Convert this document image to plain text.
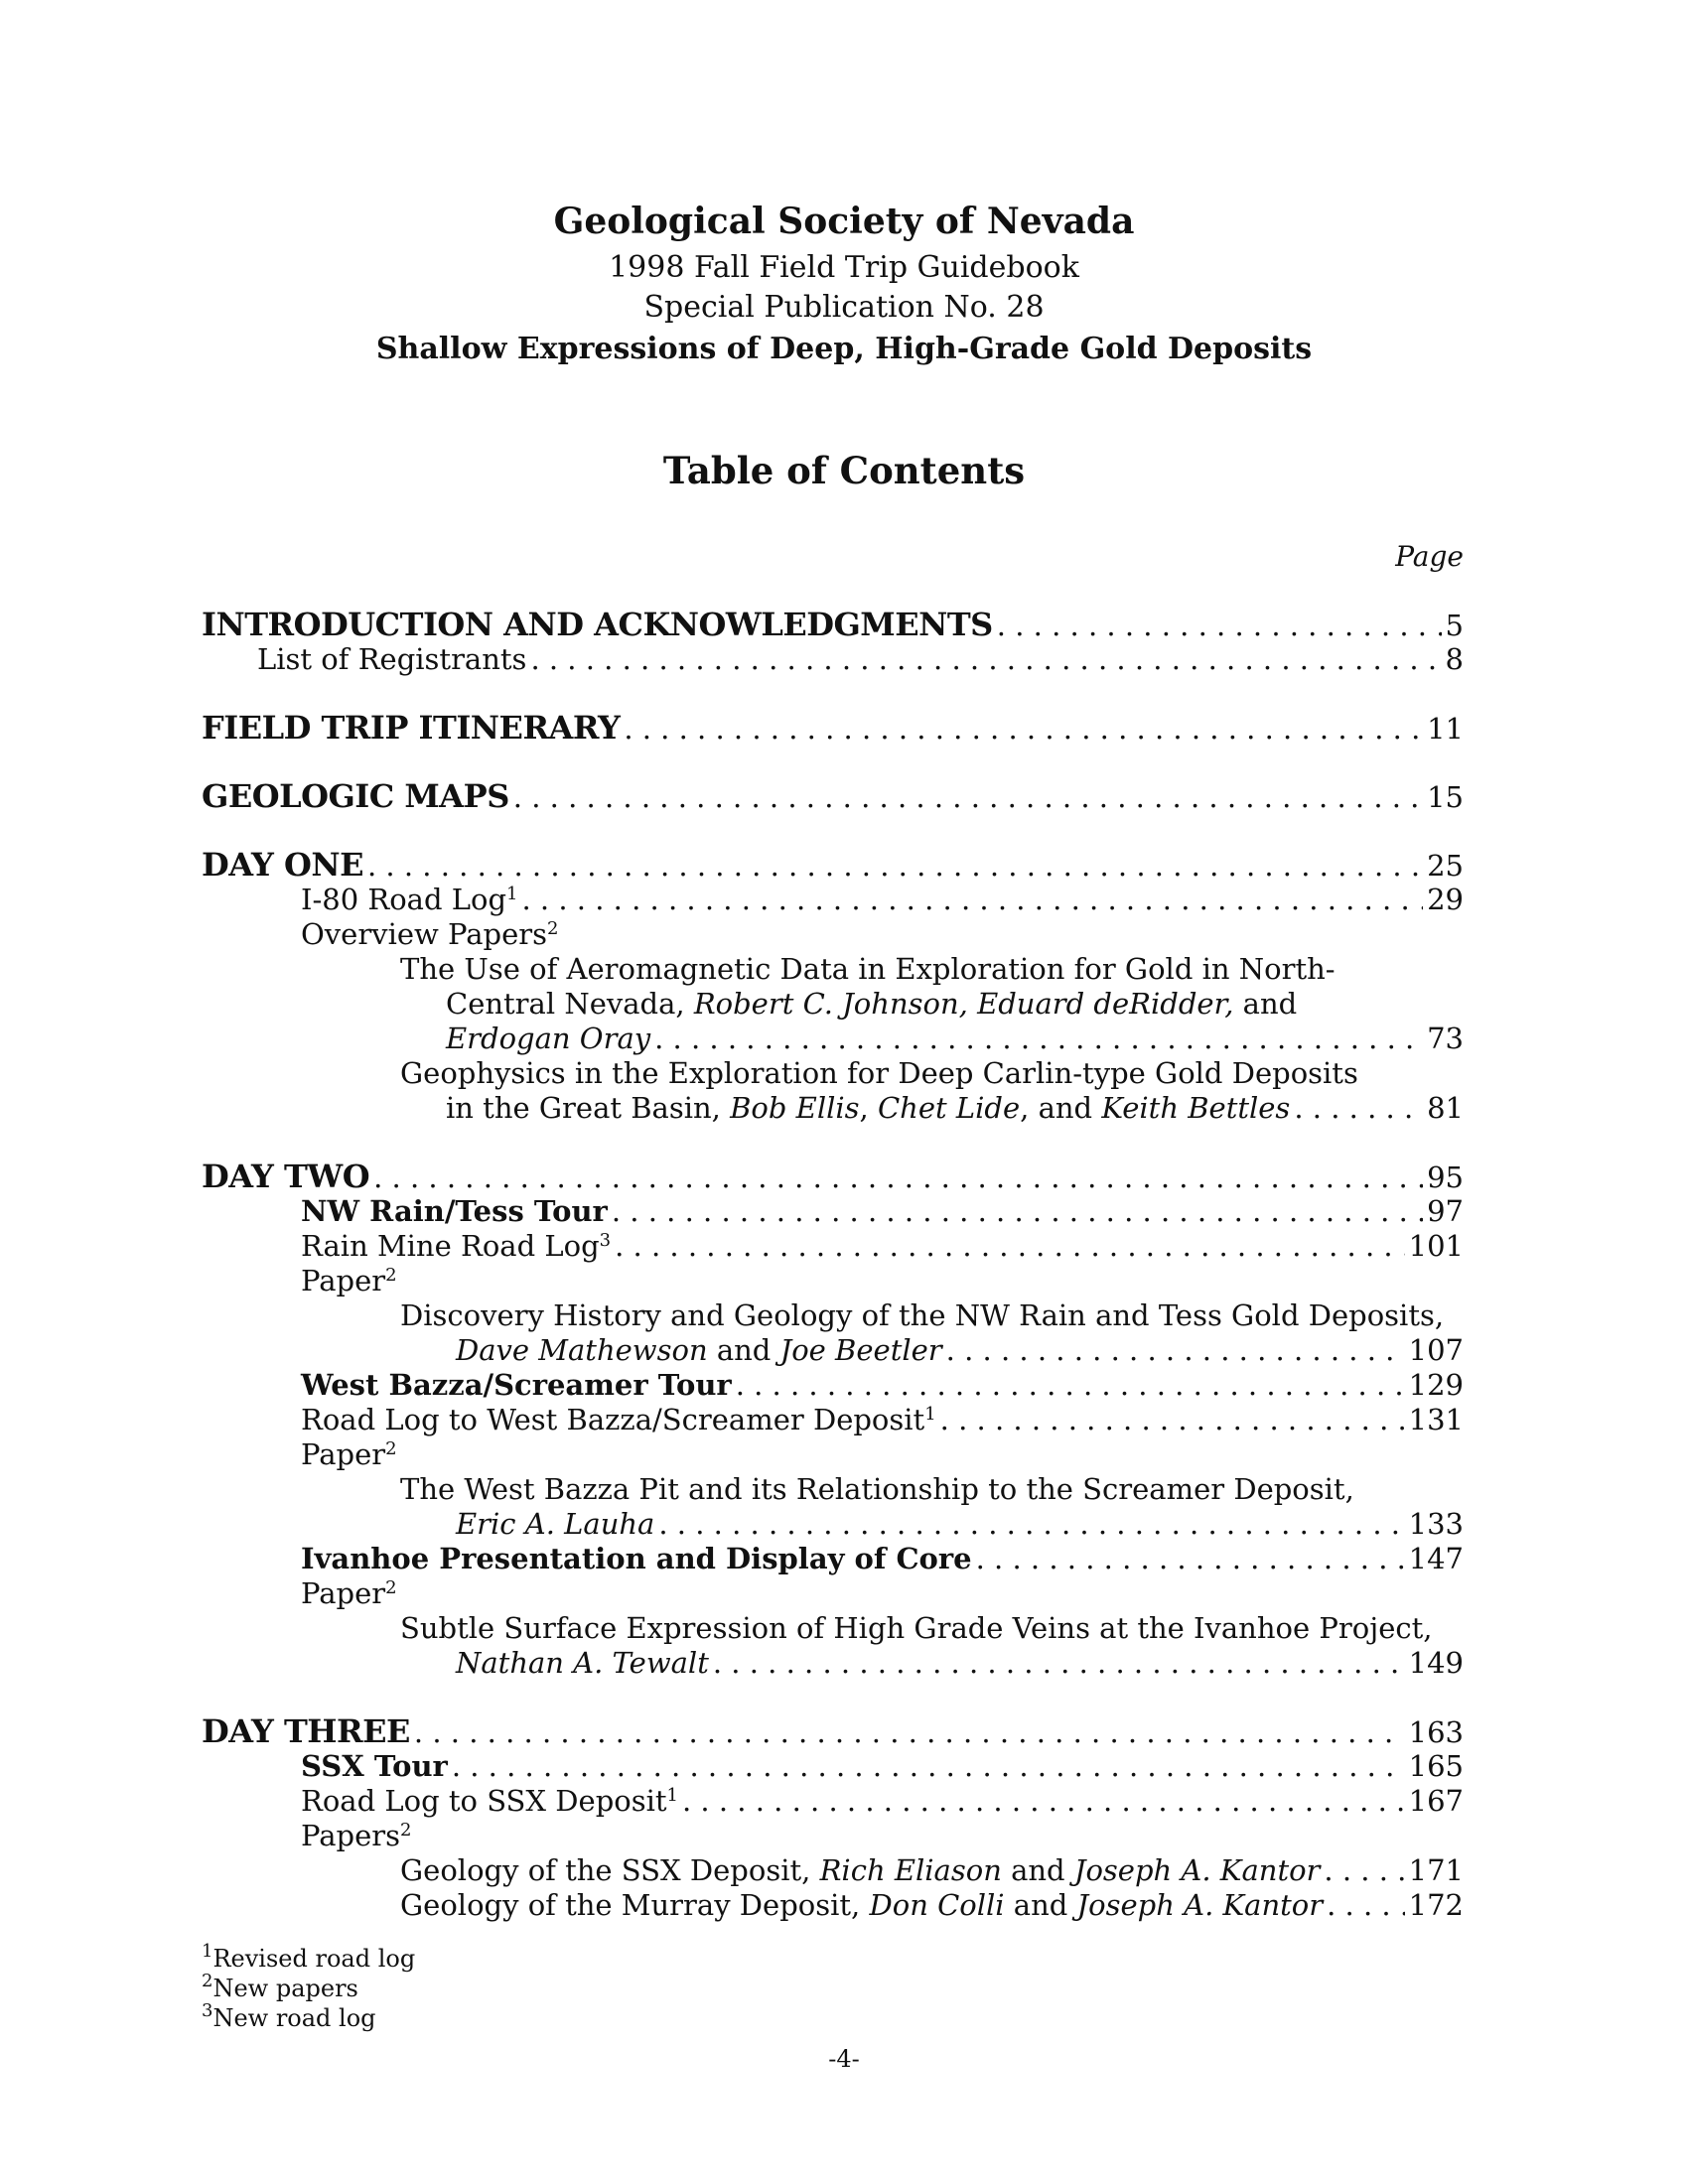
Geological Society of Nevada
1998 Fall Field Trip Guidebook
Special Publication No. 28
Shallow Expressions of Deep, High-Grade Gold Deposits
Table of Contents
Page
INTRODUCTION AND ACKNOWLEDGMENTS . . .	5
List of Registrants . . .	8
FIELD TRIP ITINERARY . . .	11
GEOLOGIC MAPS . . .	15
DAY ONE . . .	25
I-80 Road Log$^1$ . . .	29
Overview Papers$^2$
The Use of Aeromagnetic Data in Exploration for Gold in North-
Central Nevada, Robert C. Johnson, Eduard deRidder, and
Erdogan Oray . . .	73
Geophysics in the Exploration for Deep Carlin-type Gold Deposits
in the Great Basin, Bob Ellis, Chet Lide, and Keith Bettles . . .	81
DAY TWO . . .	95
NW Rain/Tess Tour . . .	97
Rain Mine Road Log$^3$ . . .	101
Paper$^2$
Discovery History and Geology of the NW Rain and Tess Gold Deposits,
Dave Mathewson and Joe Beetler . . .	107
West Bazza/Screamer Tour . . .	129
Road Log to West Bazza/Screamer Deposit$^1$ . . .	131
Paper$^2$
The West Bazza Pit and its Relationship to the Screamer Deposit,
Eric A. Lauha . . .	133
Ivanhoe Presentation and Display of Core . . .	147
Paper$^2$
Subtle Surface Expression of High Grade Veins at the Ivanhoe Project,
Nathan A. Tewalt . . .	149
DAY THREE . . .	163
SSX Tour . . .	165
Road Log to SSX Deposit$^1$ . . .	167
Papers$^2$
Geology of the SSX Deposit, Rich Eliason and Joseph A. Kantor . . .	171
Geology of the Murray Deposit, Don Colli and Joseph A. Kantor . . .	172
$^1$Revised road log
$^2$New papers
$^3$New road log
-4-
